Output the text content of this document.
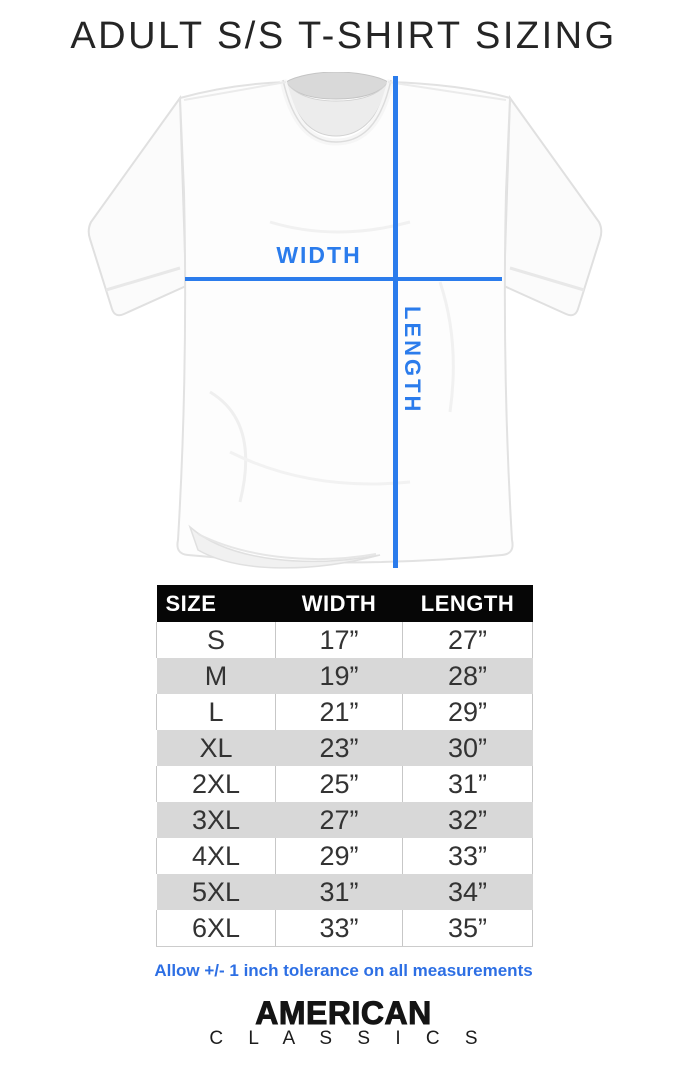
ADULT S/S T-SHIRT SIZING
WIDTH
LENGTH
SIZE	WIDTH	LENGTH
S	17”	27”
M	19”	28”
L	21”	29”
XL	23”	30”
2XL	25”	31”
3XL	27”	32”
4XL	29”	33”
5XL	31”	34”
6XL	33”	35”
Allow +/- 1 inch tolerance on all measurements
AMERICAN
C L A S S I C S
